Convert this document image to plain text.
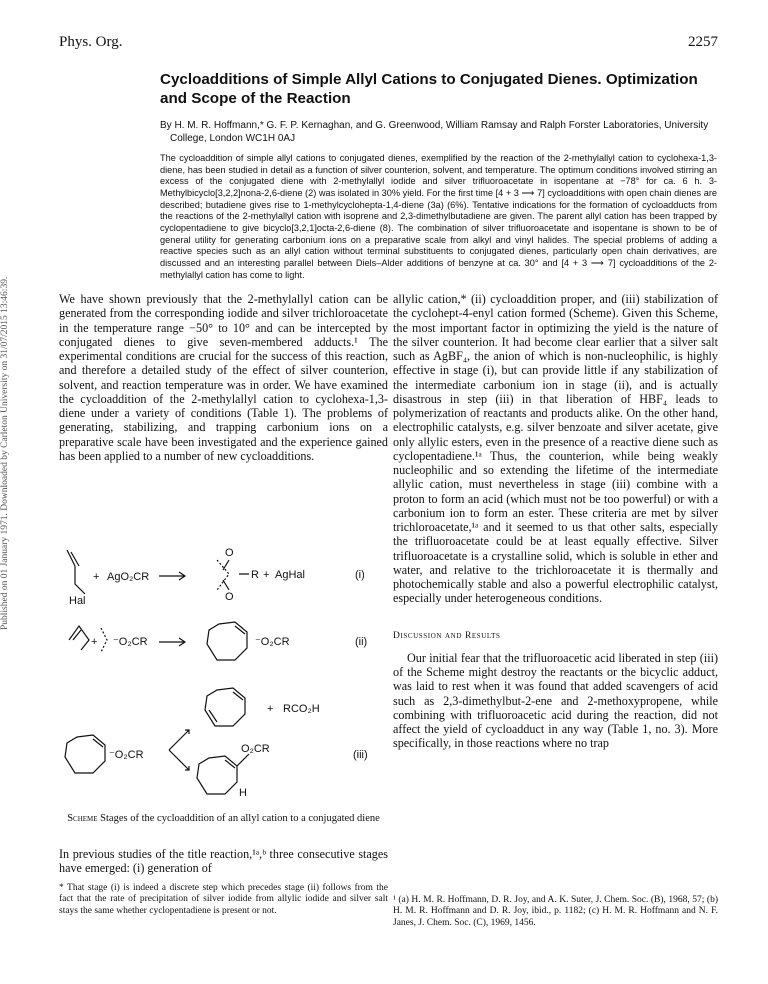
Published on 01 January 1971. Downloaded by Carleton University on 31/07/2015 13:46:39.
Phys. Org.	2257
Cycloadditions of Simple Allyl Cations to Conjugated Dienes. Optimization and Scope of the Reaction
By H. M. R. Hoffmann,* G. F. P. Kernaghan, and G. Greenwood, William Ramsay and Ralph Forster Laboratories, University College, London WC1H 0AJ
The cycloaddition of simple allyl cations to conjugated dienes, exemplified by the reaction of the 2-methylallyl cation to cyclohexa-1,3-diene, has been studied in detail as a function of silver counterion, solvent, and temperature. The optimum conditions involved stirring an excess of the conjugated diene with 2-methylallyl iodide and silver trifluoroacetate in isopentane at −78° for ca. 6 h. 3-Methylbicyclo[3,2,2]nona-2,6-diene (2) was isolated in 30% yield. For the first time [4 + 3 ⟶ 7] cycloadditions with open chain dienes are described; butadiene gives rise to 1-methylcyclohepta-1,4-diene (3a) (6%). Tentative indications for the formation of cycloadducts from the reactions of the 2-methylallyl cation with isoprene and 2,3-dimethylbutadiene are given. The parent allyl cation has been trapped by cyclopentadiene to give bicyclo[3,2,1]octa-2,6-diene (8). The combination of silver trifluoroacetate and isopentane is shown to be of general utility for generating carbonium ions on a preparative scale from alkyl and vinyl halides. The special problems of adding a reactive species such as an allyl cation without terminal substituents to conjugated dienes, particularly open chain derivatives, are discussed and an interesting parallel between Diels–Alder additions of benzyne at ca. 30° and [4 + 3 ⟶ 7] cycloadditions of the 2-methylallyl cation has come to light.

We have shown previously that the 2-methylallyl cation can be generated from the corresponding iodide and silver trichloroacetate in the temperature range −50° to 10° and can be intercepted by conjugated dienes to give seven-membered adducts.¹ The experimental conditions are crucial for the success of this reaction, and therefore a detailed study of the effect of silver counterion, solvent, and reaction temperature was in order. We have examined the cycloaddition of the 2-methylallyl cation to cyclohexa-1,3-diene under a variety of conditions (Table 1). The problems of generating, stabilizing, and trapping carbonium ions on a preparative scale have been investigated and the experience gained has been applied to a number of new cycloadditions.

+ AgO₂CR
Hal
O
O
R + AgHal	(i)
+ ⁻O₂CR	⁻O₂CR	(ii)
⁻O₂CR
+ RCO₂H
O₂CR
H
(iii)
Scheme Stages of the cycloaddition of an allyl cation to a conjugated diene

In previous studies of the title reaction,¹ᵃ,ᵇ three consecutive stages have emerged: (i) generation of

* That stage (i) is indeed a discrete step which precedes stage (ii) follows from the fact that the rate of precipitation of silver iodide from allylic iodide and silver salt stays the same whether cyclopentadiene is present or not.

allylic cation,* (ii) cycloaddition proper, and (iii) stabilization of the cyclohept-4-enyl cation formed (Scheme). Given this Scheme, the most important factor in optimizing the yield is the nature of the silver counterion. It had become clear earlier that a silver salt such as AgBF₄, the anion of which is non-nucleophilic, is highly effective in stage (i), but can provide little if any stabilization of the intermediate carbonium ion in stage (ii), and is actually disastrous in step (iii) in that liberation of HBF₄ leads to polymerization of reactants and products alike. On the other hand, electrophilic catalysts, e.g. silver benzoate and silver acetate, give only allylic esters, even in the presence of a reactive diene such as cyclopentadiene.¹ᵃ Thus, the counterion, while being weakly nucleophilic and so extending the lifetime of the intermediate allylic cation, must nevertheless in stage (iii) combine with a proton to form an acid (which must not be too powerful) or with a carbonium ion to form an ester. These criteria are met by silver trichloroacetate,¹ᵃ and it seemed to us that other salts, especially the trifluoroacetate could be at least equally effective. Silver trifluoroacetate is a crystalline solid, which is soluble in ether and water, and relative to the trichloroacetate it is thermally and photochemically stable and also a powerful electrophilic catalyst, especially under heterogeneous conditions.

Discussion and Results

Our initial fear that the trifluoroacetic acid liberated in step (iii) of the Scheme might destroy the reactants or the bicyclic adduct, was laid to rest when it was found that added scavengers of acid such as 2,3-dimethylbut-2-ene and 2-methoxypropene, while combining with trifluoroacetic acid during the reaction, did not affect the yield of cycloadduct in any way (Table 1, no. 3). More specifically, in those reactions where no trap

¹ (a) H. M. R. Hoffmann, D. R. Joy, and A. K. Suter, J. Chem. Soc. (B), 1968, 57; (b) H. M. R. Hoffmann and D. R. Joy, ibid., p. 1182; (c) H. M. R. Hoffmann and N. F. Janes, J. Chem. Soc. (C), 1969, 1456.
